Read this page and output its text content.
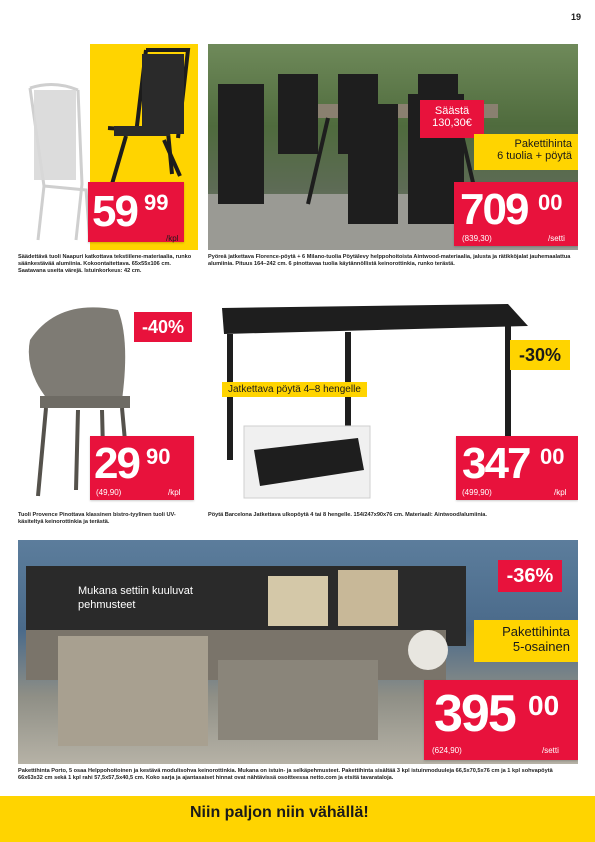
19
59 99
/kpl
Säädettävä tuoli Naapuri katkottava tekstiilene-materiaalia, runko säänkestävää alumiinia. Kokoontaitettava. 65x55x106 cm. Saatavana useita värejä. Istuinkorkeus: 42 cm.
Säästä
130,30€
Pakettihinta
6 tuolia + pöytä
709 00
(839,30)	/setti
Pyöreä jatkettava Florence-pöytä + 6 Milano-tuolia Pöytälevy helppohoitoista Aintwood-materiaalia, jalusta ja rätikköjalat jauhemaalattua alumiinia. Pituus 164–242 cm. 6 pinottavaa tuolia käytännöllistä keinorottinkia, runko terästä.
-40%
29 90
(49,90)	/kpl
Tuoli Provence Pinottava klassinen bistro-tyylinen tuoli UV-käsiteltyä keinorottinkia ja terästä.
-30%
Jatkettava pöytä 4–8 hengelle
347 00
(499,90)	/kpl
Pöytä Barcelona Jatkettava ulkopöytä 4 tai 8 hengelle. 154/247x90x76 cm. Materiaali: Aintwood/alumiinia.
Mukana settiin kuuluvat pehmusteet
-36%
Pakettihinta
5-osainen
395 00
(624,90)	/setti
Pakettihinta Porto, 5 osaa Helppohoitoinen ja kestävä modulisohva keinorottinkia. Mukana on istuin- ja selkäpehmusteet. Pakettihinta sisältää 3 kpl istuinmoduuleja 66,5x70,5x76 cm ja 1 kpl sohvapöytä 66x63x32 cm sekä 1 kpl rahi 57,5x57,5x40,5 cm. Koko sarja ja ajantasaiset hinnat ovat nähtävissä osoitteessa netto.com ja etsitä tavarataloja.
Niin paljon niin vähällä!
